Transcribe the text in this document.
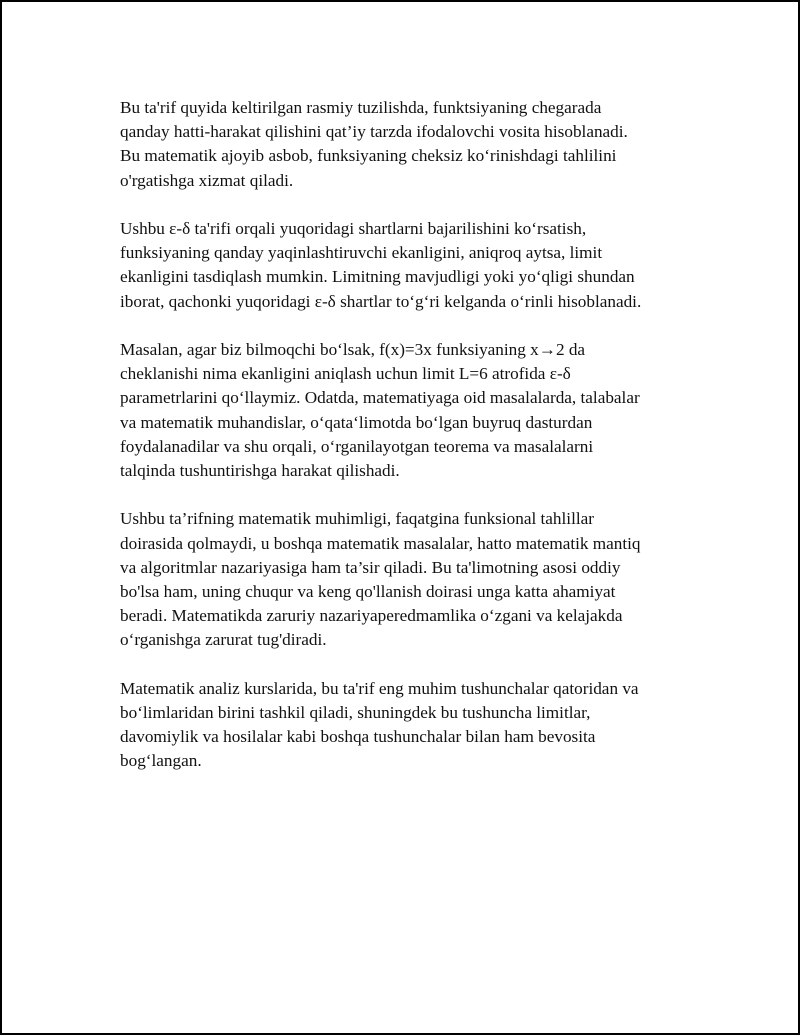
Bu ta'rif quyida keltirilgan rasmiy tuzilishda, funktsiyaning chegarada
qanday hatti-harakat qilishini qat’iy tarzda ifodalovchi vosita hisoblanadi.
Bu matematik ajoyib asbob, funksiyaning cheksiz ko‘rinishdagi tahlilini
o'rgatishga xizmat qiladi.

Ushbu ε-δ ta'rifi orqali yuqoridagi shartlarni bajarilishini ko‘rsatish,
funksiyaning qanday yaqinlashtiruvchi ekanligini, aniqroq aytsa, limit
ekanligini tasdiqlash mumkin. Limitning mavjudligi yoki yo‘qligi shundan
iborat, qachonki yuqoridagi ε-δ shartlar to‘g‘ri kelganda o‘rinli hisoblanadi.

Masalan, agar biz bilmoqchi bo‘lsak, f(x)=3x funksiyaning x→2 da
cheklanishi nima ekanligini aniqlash uchun limit L=6 atrofida ε-δ
parametrlarini qo‘llaymiz. Odatda, matematiyaga oid masalalarda, talabalar
va matematik muhandislar, o‘qata‘limotda bo‘lgan buyruq dasturdan
foydalanadilar va shu orqali, o‘rganilayotgan teorema va masalalarni
talqinda tushuntirishga harakat qilishadi.

Ushbu ta’rifning matematik muhimligi, faqatgina funksional tahlillar
doirasida qolmaydi, u boshqa matematik masalalar, hatto matematik mantiq
va algoritmlar nazariyasiga ham ta’sir qiladi. Bu ta'limotning asosi oddiy
bo'lsa ham, uning chuqur va keng qo'llanish doirasi unga katta ahamiyat
beradi. Matematikda zaruriy nazariyaperedmamlika o‘zgani va kelajakda
o‘rganishga zarurat tug'diradi.

Matematik analiz kurslarida, bu ta'rif eng muhim tushunchalar qatoridan va
bo‘limlaridan birini tashkil qiladi, shuningdek bu tushuncha limitlar,
davomiylik va hosilalar kabi boshqa tushunchalar bilan ham bevosita
bog‘langan.
